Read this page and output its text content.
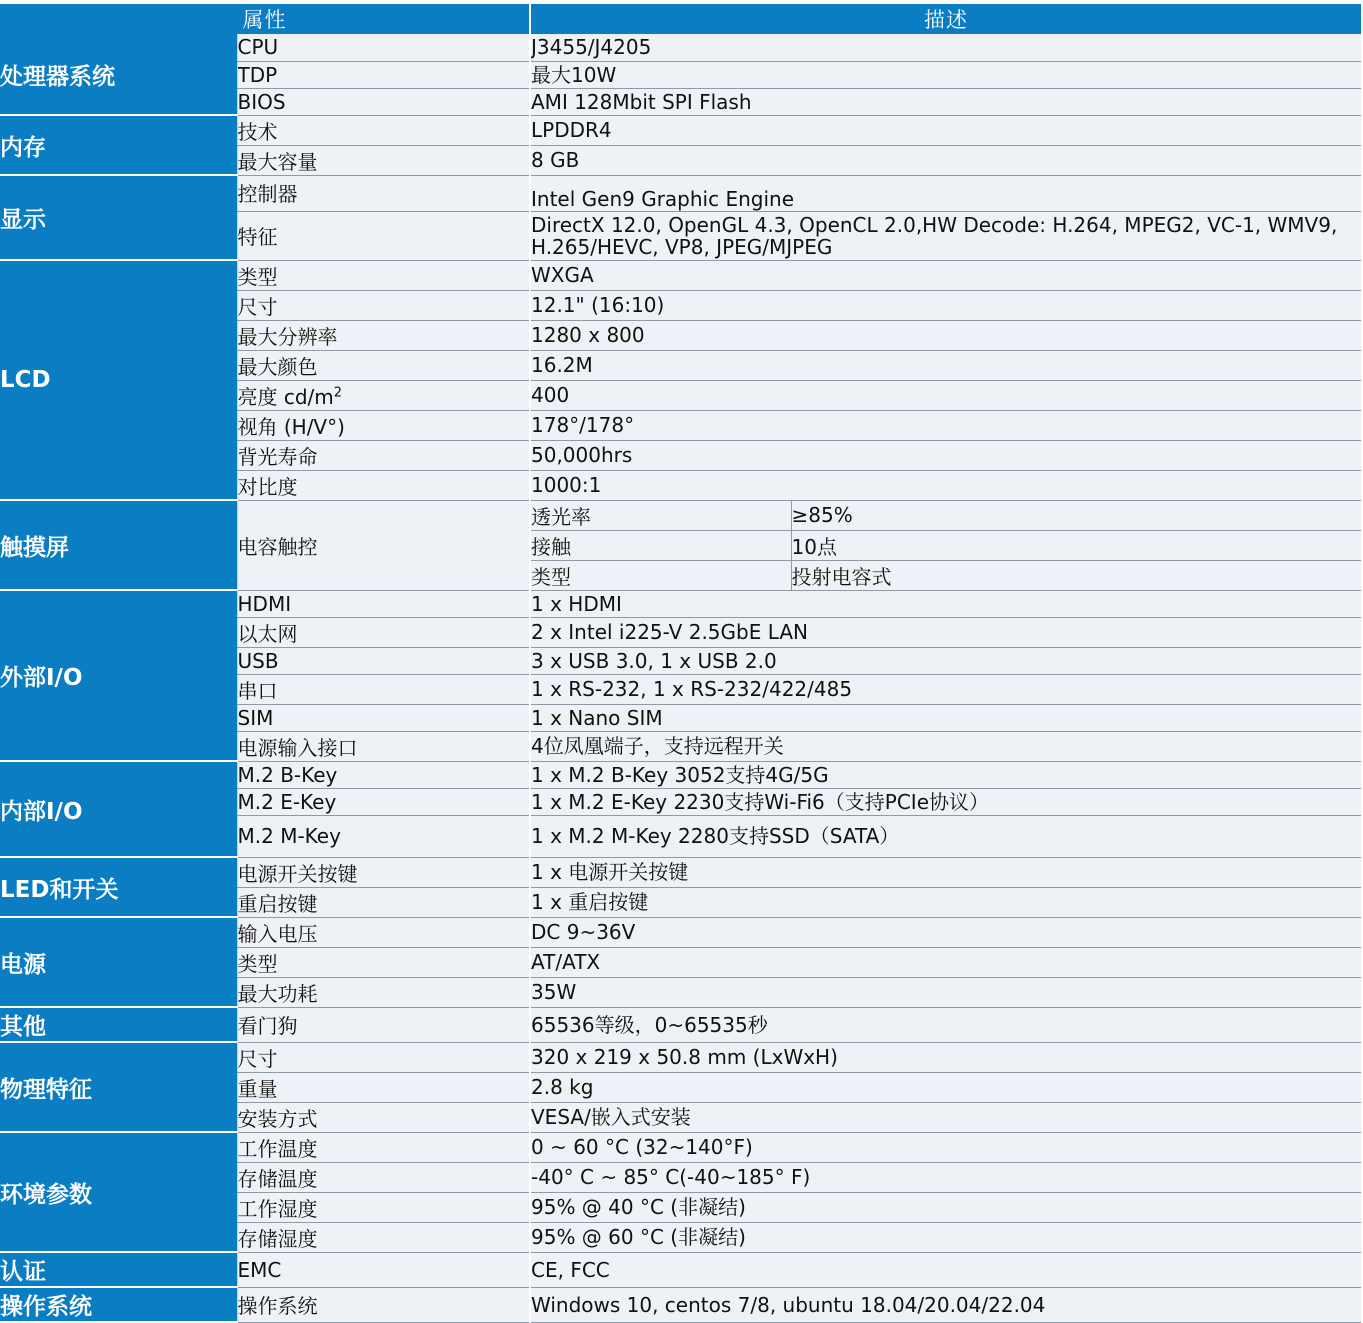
属性		描述	
处理器系统	CPU	J3455/J4205	
	TDP	最大10W	
	BIOS	AMI 128Mbit SPI Flash	
内存	技术	LPDDR4	
	最大容量	8 GB	
显示	控制器	Intel Gen9 Graphic Engine	
	特征	DirectX 12.0, OpenGL 4.3, OpenCL 2.0,HW Decode: H.264, MPEG2, VC-1, WMV9,
H.265/HEVC, VP8, JPEG/MJPEG	

LCD	类型	WXGA	
	尺寸	12.1" (16:10)	
	最大分辨率	1280 x 800	
	最大颜色	16.2M	
	亮度 $cd/m^2$	400	
	视角 (H/V°)	178°/178°	
	背光寿命	50,000hrs	
	对比度	1000:1	
触摸屏	电容触控	透光率	≥85%
		接触	10点
		类型	投射电容式
外部I/O	HDMI	1 x HDMI	
	以太网	2 x Intel i225-V 2.5GbE LAN	
	USB	3 x USB 3.0, 1 x USB 2.0	
	串口	1 x RS-232, 1 x RS-232/422/485	
	SIM	1 x Nano SIM	
	电源输入接口	4位凤凰端子，支持远程开关	
内部I/O	M.2 B-Key	1 x M.2 B-Key 3052支持4G/5G	
	M.2 E-Key	1 x M.2 E-Key 2230支持Wi-Fi6（支持PCIe协议）	
	M.2 M-Key	1 x M.2 M-Key 2280支持SSD（SATA）	
LED和开关	电源开关按键	1 x 电源开关按键	
	重启按键	1 x 重启按键	
电源	输入电压	DC 9~36V	
	类型	AT/ATX	
	最大功耗	35W	
其他	看门狗	65536等级，0~65535秒	
物理特征	尺寸	320 x 219 x 50.8 mm (LxWxH)	
	重量	2.8 kg	
	安装方式	VESA/嵌入式安装	
环境参数	工作温度	0 ~ 60 °C (32~140°F)	
	存储温度	-40° C ~ 85° C(-40~185° F)	
	工作湿度	95% @ 40 °C (非凝结)	
	存储湿度	95% @ 60 °C (非凝结)	
认证	EMC	CE, FCC	
操作系统	操作系统	Windows 10, centos 7/8, ubuntu 18.04/20.04/22.04	
